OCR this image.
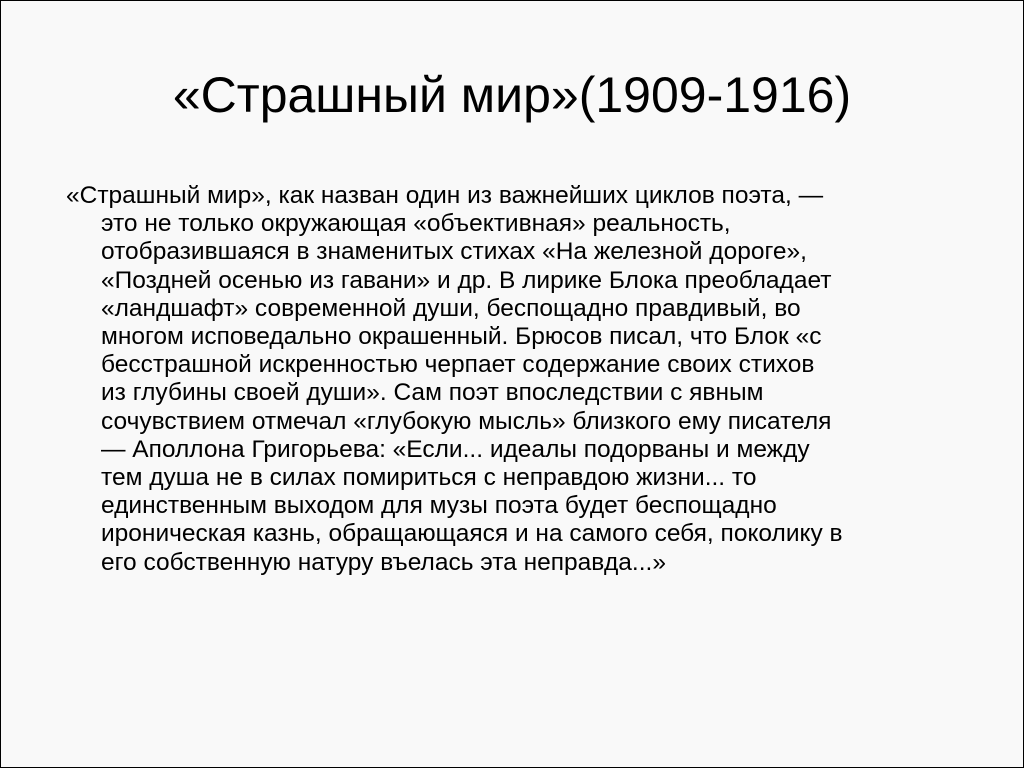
«Страшный мир»(1909-1916)
«Страшный мир», как назван один из важнейших циклов поэта, —
это не только окружающая «объективная» реальность,
отобразившаяся в знаменитых стихах «На железной дороге»,
«Поздней осенью из гавани» и др. В лирике Блока преобладает
«ландшафт» современной души, беспощадно правдивый, во
многом исповедально окрашенный. Брюсов писал, что Блок «с
бесстрашной искренностью черпает содержание своих стихов
из глубины своей души». Сам поэт впоследствии с явным
сочувствием отмечал «глубокую мысль» близкого ему писателя
— Аполлона Григорьева: «Если... идеалы подорваны и между
тем душа не в силах помириться с неправдою жизни... то
единственным выходом для музы поэта будет беспощадно
ироническая казнь, обращающаяся и на самого себя, поколику в
его собственную натуру въелась эта неправда...»
